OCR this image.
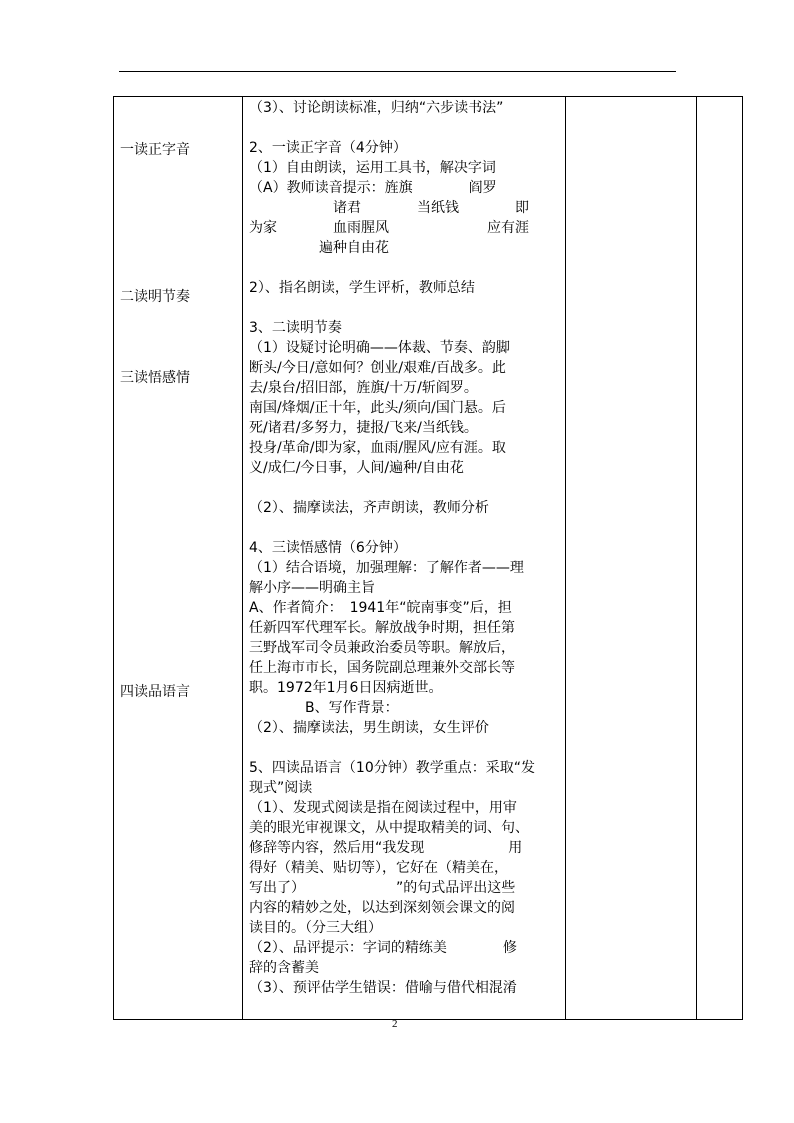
一读正字音
二读明节奏
三读悟感情
四读品语言
（3）、讨论朗读标准，归纳“六步读书法”
2、一读正字音（4分钟）
（1）自由朗读，运用工具书，解决字词
（A）教师读音提示：旌旗　　　　阎罗
　　　　　　诸君　　　　当纸钱　　　　即
为家　　　　血雨腥风　　　　　　　应有涯
　　　　　遍种自由花
2）、指名朗读，学生评析，教师总结
3、二读明节奏
（1）设疑讨论明确——体裁、节奏、韵脚
断头/今日/意如何？创业/艰难/百战多。此
去/泉台/招旧部，旌旗/十万/斩阎罗。
南国/烽烟/正十年，此头/须向/国门悬。后
死/诸君/多努力，捷报/飞来/当纸钱。
投身/革命/即为家，血雨/腥风/应有涯。取
义/成仁/今日事，人间/遍种/自由花
（2）、揣摩读法，齐声朗读，教师分析
4、三读悟感情（6分钟）
（1）结合语境，加强理解：了解作者——理
解小序——明确主旨
A、作者简介：　1941年“皖南事变”后，担
任新四军代理军长。解放战争时期，担任第
三野战军司令员兼政治委员等职。解放后，
任上海市市长，国务院副总理兼外交部长等
职。1972年1月6日因病逝世。
　　　　B、写作背景：
（2）、揣摩读法，男生朗读，女生评价
5、四读品语言（10分钟）教学重点：采取“发
现式”阅读
（1）、发现式阅读是指在阅读过程中，用审
美的眼光审视课文，从中提取精美的词、句、
修辞等内容，然后用“我发现　　　　　　用
得好（精美、贴切等），它好在（精美在，
写出了）　　　　　　　”的句式品评出这些
内容的精妙之处，以达到深刻领会课文的阅
读目的。（分三大组）
（2）、品评提示：字词的精练美　　　　修
辞的含蓄美
（3）、预评估学生错误：借喻与借代相混淆
2
